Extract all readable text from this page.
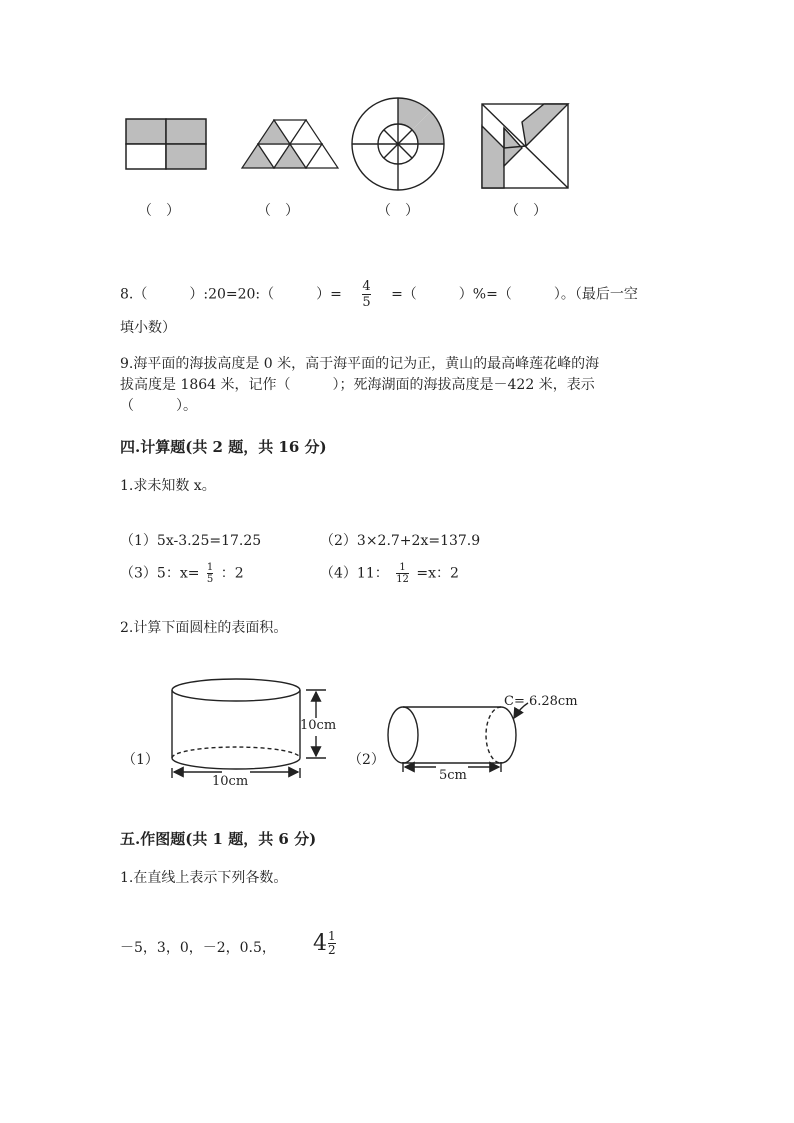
（　）	（　）	（　）	（　）
8.（　　　）:20=20:（　　　）= $\frac{4}{5}$ =（　　　）%=（　　　）。（最后一空
填小数）
9.海平面的海拔高度是 0 米，高于海平面的记为正，黄山的最高峰莲花峰的海
拔高度是 1864 米，记作（　　　）；死海湖面的海拔高度是－422 米，表示
（　　　）。
四.计算题(共 2 题，共 16 分)
1.求未知数 x。
（1）5x-3.25=17.25	（2）3×2.7+2x=137.9
（3）5：$x= \frac{1}{5}$ ：2	（4）11： $\frac{1}{12} =x$：2
2.计算下面圆柱的表面积。
（1）
10cm
10cm
（2）
C= 6.28cm
5cm
五.作图题(共 1 题，共 6 分)
1.在直线上表示下列各数。
－5，3，0，－2，0.5， $4 \frac{1}{2}$
